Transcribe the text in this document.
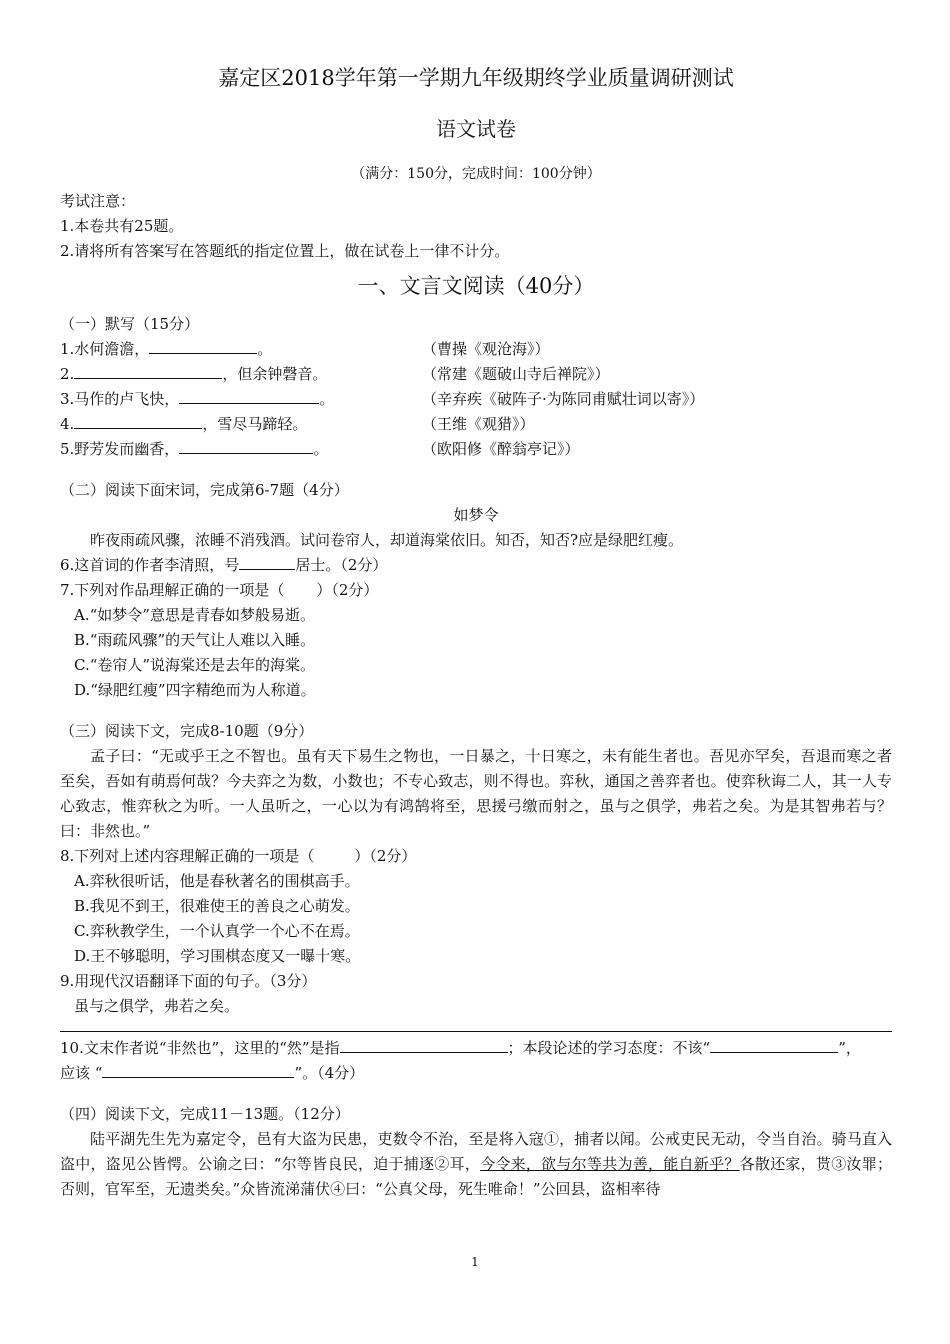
嘉定区2018学年第一学期九年级期终学业质量调研测试
语文试卷
（满分：150分，完成时间：100分钟）
考试注意：
1.本卷共有25题。
2.请将所有答案写在答题纸的指定位置上，做在试卷上一律不计分。
一、文言文阅读（40分）
（一）默写（15分）
1.水何澹澹，	。	（曹操《观沧海》）
2.	，但余钟磬音。	（常建《题破山寺后禅院》）
3.马作的卢飞快，	。	（辛弃疾《破阵子·为陈同甫赋壮词以寄》）
4.	，雪尽马蹄轻。	（王维《观猎》）
5.野芳发而幽香，	。	（欧阳修《醉翁亭记》）
（二）阅读下面宋词，完成第6-7题（4分）
如梦令
昨夜雨疏风骤，浓睡不消残酒。试问卷帘人，却道海棠依旧。知否，知否?应是绿肥红瘦。
6.这首词的作者李清照，号	居士。（2分）
7.下列对作品理解正确的一项是（ ）（2分）
A.“如梦令”意思是青春如梦般易逝。
B.“雨疏风骤”的天气让人难以入睡。
C.“卷帘人”说海棠还是去年的海棠。
D.“绿肥红瘦”四字精绝而为人称道。
（三）阅读下文，完成8-10题（9分）
孟子曰：“无或乎王之不智也。虽有天下易生之物也，一日暴之，十日寒之，未有能生者也。吾见亦罕矣，吾退而寒之者至矣，吾如有萌焉何哉？今夫弈之为数，小数也；不专心致志，则不得也。弈秋，通国之善弈者也。使弈秋诲二人，其一人专心致志，惟弈秋之为听。一人虽听之，一心以为有鸿鹄将至，思援弓缴而射之，虽与之俱学，弗若之矣。为是其智弗若与？曰：非然也。”
8.下列对上述内容理解正确的一项是（	）（2分）
A.弈秋很听话，他是春秋著名的围棋高手。
B.我见不到王，很难使王的善良之心萌发。
C.弈秋教学生，一个认真学一个心不在焉。
D.王不够聪明，学习围棋态度又一曝十寒。
9.用现代汉语翻译下面的句子。（3分）
虽与之俱学，弗若之矣。
10.文末作者说“非然也”，这里的“然”是指	；本段论述的学习态度：不该“	”，
应该 “	”。（4分）
（四）阅读下文，完成11－13题。（12分）
陆平湖先生先为嘉定令，邑有大盗为民患，吏数令不治，至是将入寇①，捕者以闻。公戒吏民无动，令当自治。骑马直入盗中，盗见公皆愕。公谕之曰：“尔等皆良民，迫于捕逐②耳，今令来，欲与尔等共为善，能自新乎？各散还家，贳③汝罪；否则，官军至，无遗类矣。”众皆流涕蒲伏④曰：“公真父母，死生唯命！”公回县，盗相率待
1
